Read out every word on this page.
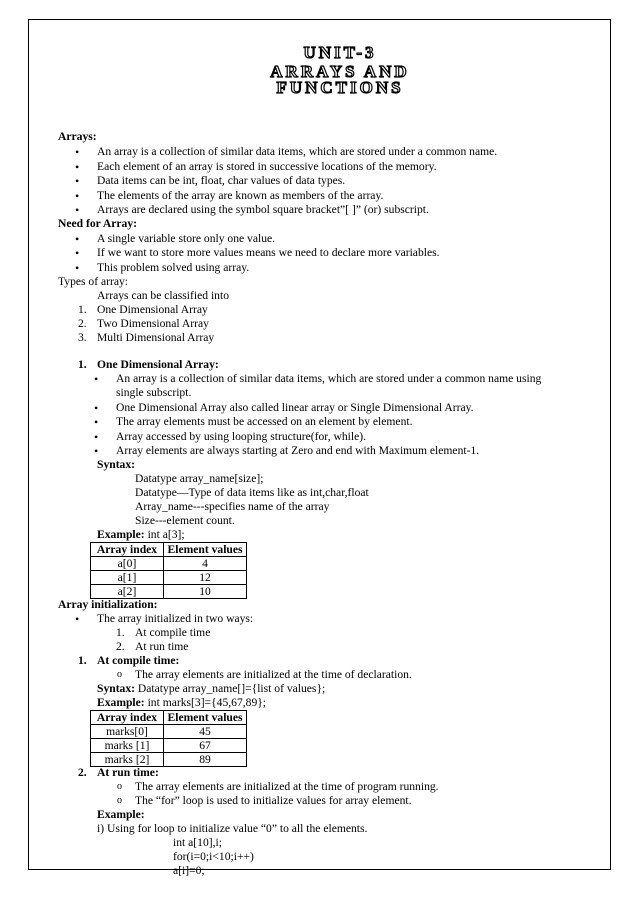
UNIT-3
ARRAYS AND
FUNCTIONS
Arrays:
• An array is a collection of similar data items, which are stored under a common name.
• Each element of an array is stored in successive locations of the memory.
• Data items can be int, float, char values of data types.
• The elements of the array are known as members of the array.
• Arrays are declared using the symbol square bracket”[ ]” (or) subscript.
Need for Array:
• A single variable store only one value.
• If we want to store more values means we need to declare more variables.
• This problem solved using array.
Types of array:
Arrays can be classified into
1. One Dimensional Array
2. Two Dimensional Array
3. Multi Dimensional Array
1. One Dimensional Array:
• An array is a collection of similar data items, which are stored under a common name using
single subscript.
• One Dimensional Array also called linear array or Single Dimensional Array.
• The array elements must be accessed on an element by element.
• Array accessed by using looping structure(for, while).
• Array elements are always starting at Zero and end with Maximum element-1.
Syntax:
Datatype array_name[size];
Datatype—Type of data items like as int,char,float
Array_name---specifies name of the array
Size---element count.
Example: int a[3];
Array index	Element values
a[0]	4
a[1]	12
a[2]	10
Array initialization:
• The array initialized in two ways:
1. At compile time
2. At run time
1. At compile time:
o The array elements are initialized at the time of declaration.
Syntax: Datatype array_name[]={list of values};
Example: int marks[3]={45,67,89};
Array index	Element values
marks[0]	45
marks [1]	67
marks [2]	89
2. At run time:
o The array elements are initialized at the time of program running.
o The “for” loop is used to initialize values for array element.
Example:
i) Using for loop to initialize value “0” to all the elements.
int a[10],i;
for(i=0;i<10;i++)
a[i]=0;
